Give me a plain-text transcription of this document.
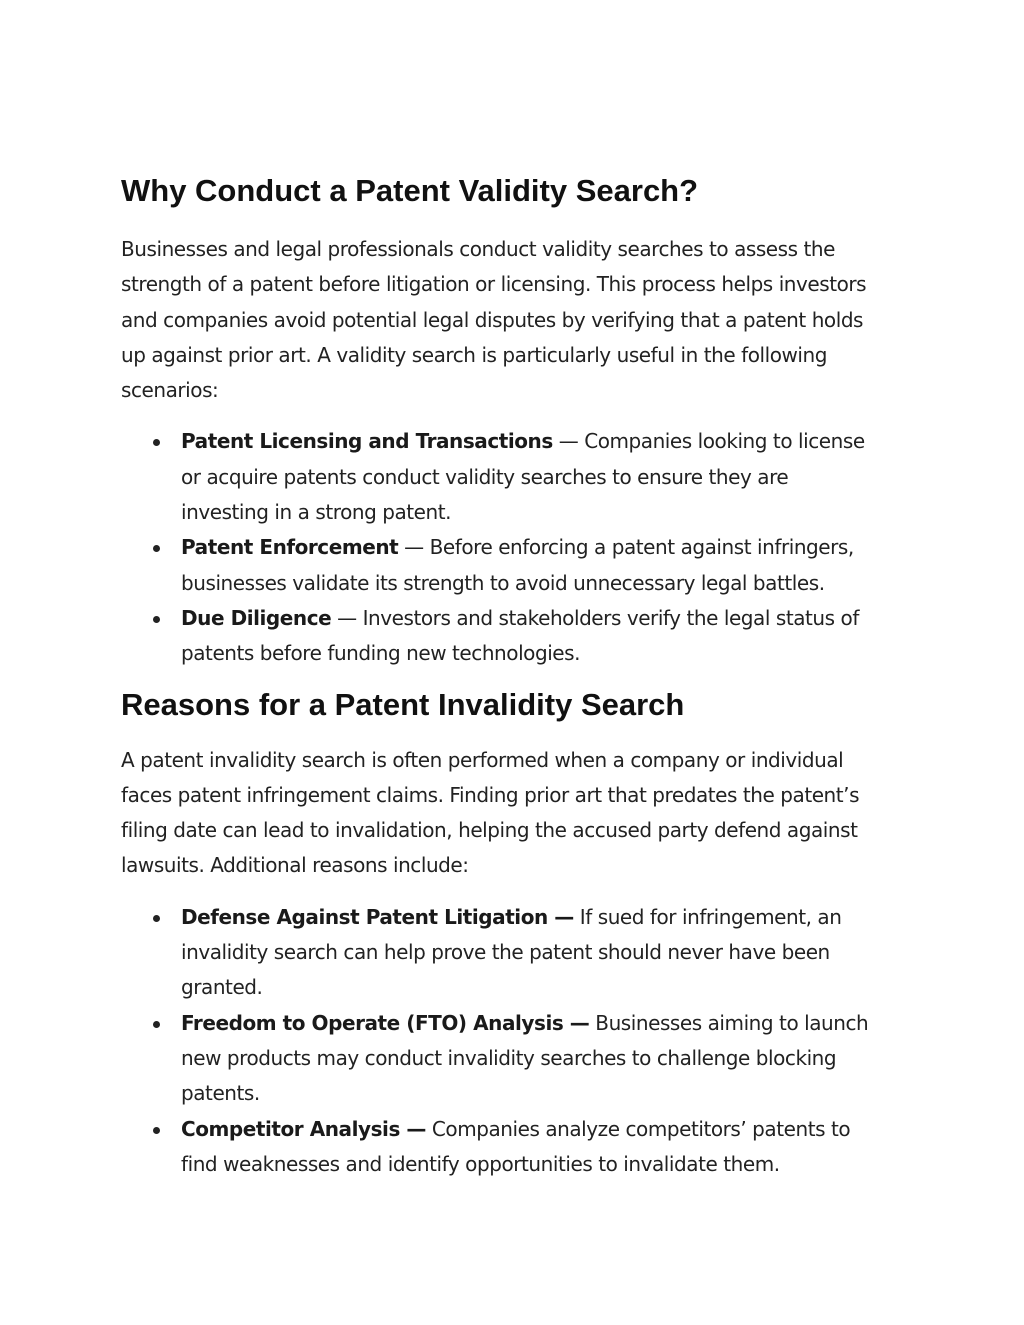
Why Conduct a Patent Validity Search?

Businesses and legal professionals conduct validity searches to assess the strength of a patent before litigation or licensing. This process helps investors and companies avoid potential legal disputes by verifying that a patent holds up against prior art. A validity search is particularly useful in the following scenarios:

Patent Licensing and Transactions — Companies looking to license or acquire patents conduct validity searches to ensure they are investing in a strong patent.
Patent Enforcement — Before enforcing a patent against infringers, businesses validate its strength to avoid unnecessary legal battles.
Due Diligence — Investors and stakeholders verify the legal status of patents before funding new technologies.
Reasons for a Patent Invalidity Search

A patent invalidity search is often performed when a company or individual faces patent infringement claims. Finding prior art that predates the patent’s filing date can lead to invalidation, helping the accused party defend against lawsuits. Additional reasons include:

Defense Against Patent Litigation — If sued for infringement, an invalidity search can help prove the patent should never have been granted.
Freedom to Operate (FTO) Analysis — Businesses aiming to launch new products may conduct invalidity searches to challenge blocking patents.
Competitor Analysis — Companies analyze competitors’ patents to find weaknesses and identify opportunities to invalidate them.
